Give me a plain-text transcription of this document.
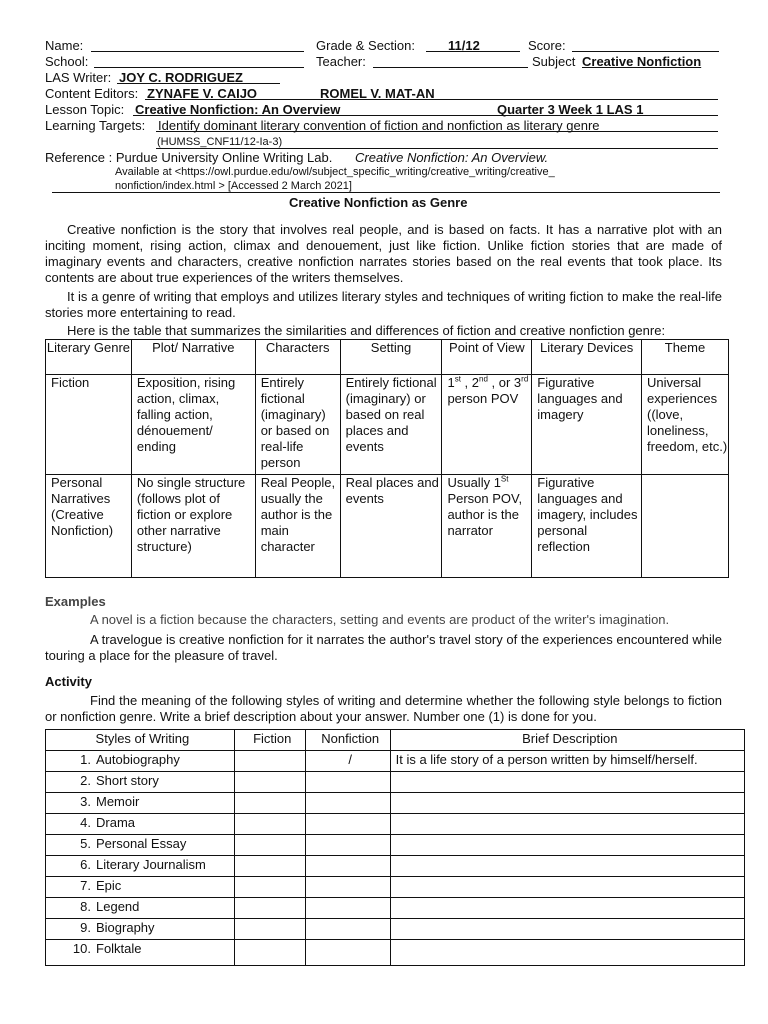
Name:	Grade & Section:	11/12	Score:
School:	Teacher:	Subject Creative Nonfiction
LAS Writer: JOY C. RODRIGUEZ
Content Editors: ZYNAFE V. CAIJO	ROMEL V. MAT-AN
Lesson Topic: Creative Nonfiction: An Overview	Quarter 3 Week 1 LAS 1
Learning Targets: Identify dominant literary convention of fiction and nonfiction as literary genre
(HUMSS_CNF11/12-Ia-3)
Reference : Purdue University Online Writing Lab. Creative Nonfiction: An Overview.
Available at <https://owl.purdue.edu/owl/subject_specific_writing/creative_writing/creative_
nonfiction/index.html > [Accessed 2 March 2021]
Creative Nonfiction as Genre
Creative nonfiction is the story that involves real people, and is based on facts. It has a narrative plot with an inciting moment, rising action, climax and denouement, just like fiction. Unlike fiction stories that are made of imaginary events and characters, creative nonfiction narrates stories based on the real events that took place. Its contents are about true experiences of the writers themselves.
It is a genre of writing that employs and utilizes literary styles and techniques of writing fiction to make the real-life stories more entertaining to read.
Here is the table that summarizes the similarities and differences of fiction and creative nonfiction genre:
Literary Genre	Plot/ Narrative	Characters	Setting	Point of View	Literary Devices	Theme
Fiction	Exposition, rising action, climax, falling action, dénouement/ ending	Entirely fictional (imaginary) or based on real-life person	Entirely fictional (imaginary) or based on real places and events	1st , 2nd , or 3rd person POV	Figurative languages and imagery	Universal experiences ((love, loneliness, freedom, etc.)
Personal Narratives (Creative Nonfiction)	No single structure (follows plot of fiction or explore other narrative structure)	Real People, usually the author is the main character	Real places and events	Usually 1St Person POV, author is the narrator	Figurative languages and imagery, includes personal reflection	
Examples
A novel is a fiction because the characters, setting and events are product of the writer's imagination.
A travelogue is creative nonfiction for it narrates the author's travel story of the experiences encountered while touring a place for the pleasure of travel.
Activity
Find the meaning of the following styles of writing and determine whether the following style belongs to fiction or nonfiction genre. Write a brief description about your answer. Number one (1) is done for you.
Styles of Writing	Fiction	Nonfiction	Brief Description
1. Autobiography		/	It is a life story of a person written by himself/herself.
2. Short story			
3. Memoir			
4. Drama			
5. Personal Essay			
6. Literary Journalism			
7. Epic			
8. Legend			
9. Biography			
10. Folktale			
